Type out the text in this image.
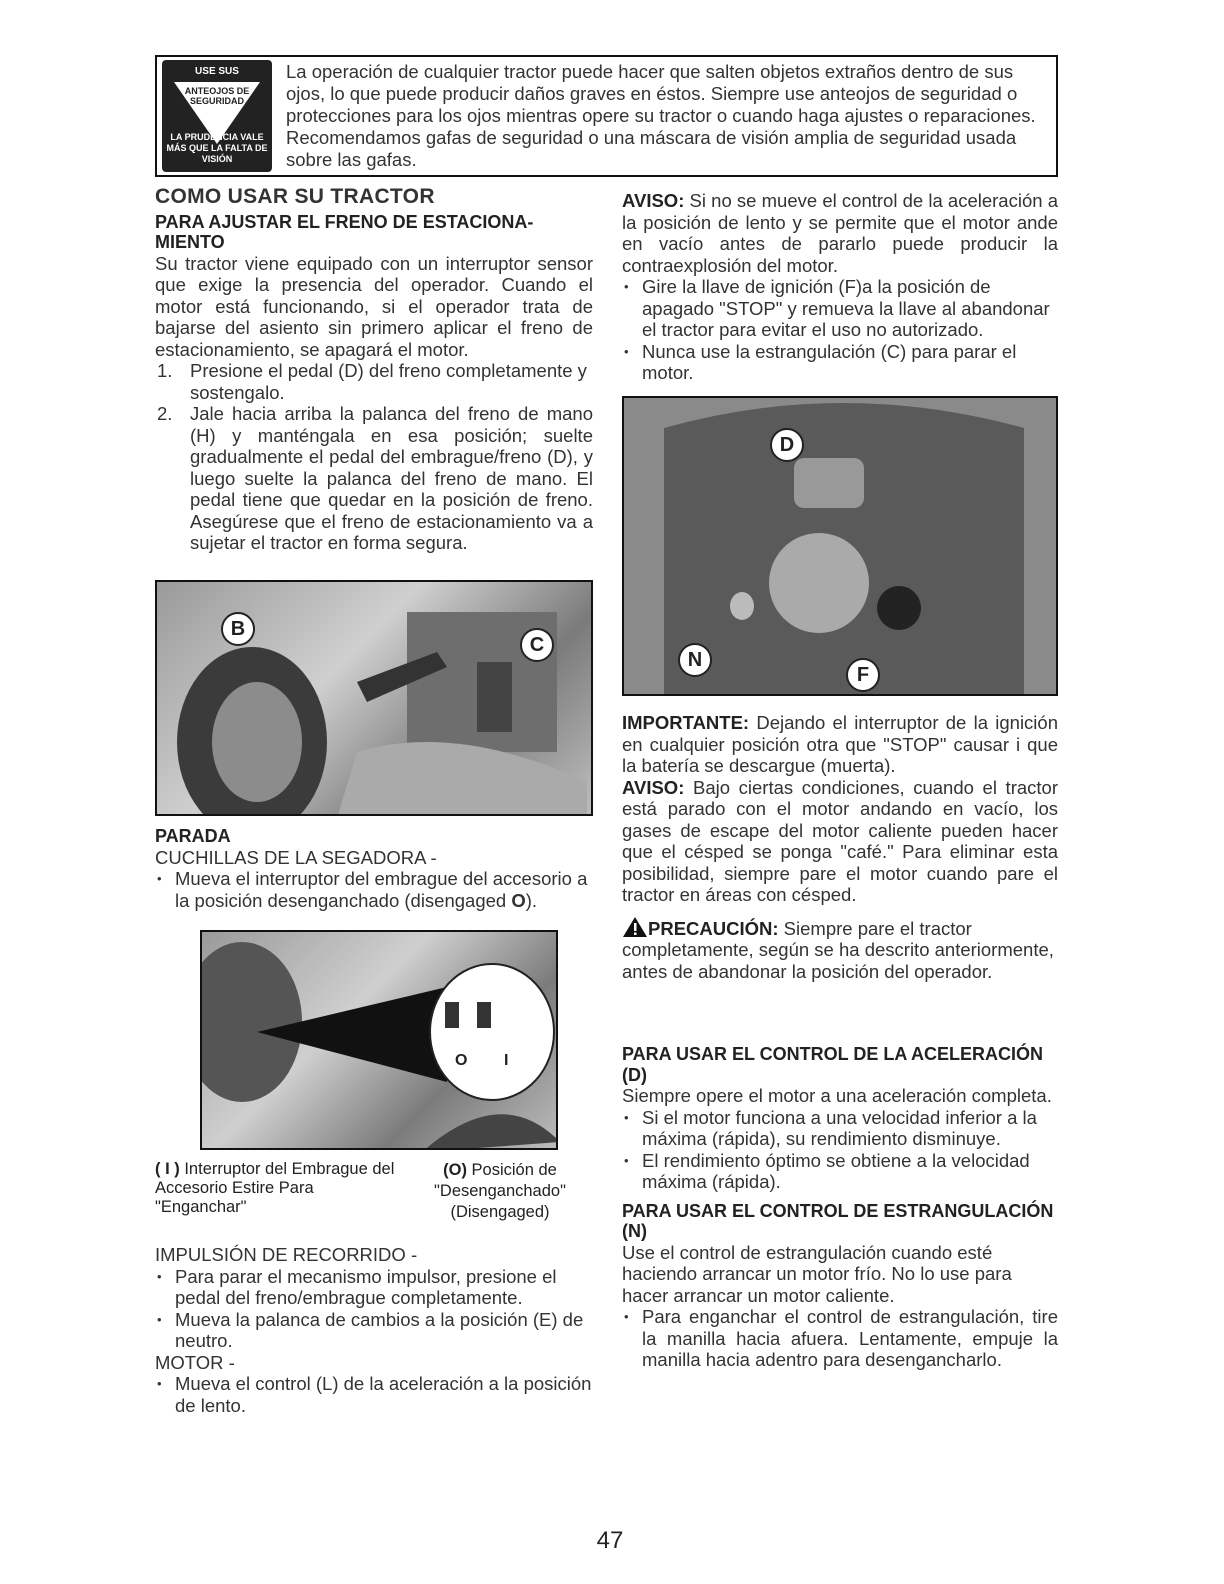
USE SUS
ANTEOJOS DE SEGURIDAD
LA PRUDENCIA VALE MÁS QUE LA FALTA DE VISIÓN
La operación de cualquier tractor puede hacer que salten objetos extraños dentro de sus ojos, lo que puede producir daños graves en éstos. Siempre use anteojos de seguridad o protecciones para los ojos mientras opere su tractor o cuando haga ajustes o reparaciones. Recomendamos gafas de seguridad o una máscara de visión amplia de seguridad usada sobre las gafas.
COMO USAR SU TRACTOR
PARA AJUSTAR EL FRENO DE ESTACIONA-MIENTO
Su tractor viene equipado con un interruptor sensor que exige la presencia del operador. Cuando el motor está funcionando, si el operador trata de bajarse del asiento sin primero aplicar el freno de estacionamiento, se apagará el motor.
1. Presione el pedal (D) del freno completamente y sostengalo.
2. Jale hacia arriba la palanca del freno de mano (H) y manténgala en esa posición; suelte gradualmente el pedal del embrague/freno (D), y luego suelte la palanca del freno de mano. El pedal tiene que quedar en la posición de freno. Asegúrese que el freno de estacionamiento va a sujetar el tractor en forma segura.
B
C
PARADA
CUCHILLAS DE LA SEGADORA -
• Mueva el interruptor del embrague del accesorio a la posición desenganchado (disengaged O).
O I
( I ) Interruptor del Embrague del Accesorio Estire Para "Enganchar"
(O) Posición de "Desenganchado" (Disengaged)
IMPULSIÓN DE RECORRIDO -
• Para parar el mecanismo impulsor, presione el pedal del freno/embrague completamente.
• Mueva la palanca de cambios a la posición (E) de neutro.
MOTOR -
• Mueva el control (L) de la aceleración a la posición de lento.
AVISO: Si no se mueve el control de la aceleración a la posición de lento y se permite que el motor ande en vacío antes de pararlo puede producir la contraexplosión del motor.
• Gire la llave de ignición (F)a la posición de apagado "STOP" y remueva la llave al abandonar el tractor para evitar el uso no autorizado.
• Nunca use la estrangulación (C) para parar el motor.
D
N
F
IMPORTANTE: Dejando el interruptor de la ignición en cualquier posición otra que "STOP" causar i que la batería se descargue (muerta).
AVISO: Bajo ciertas condiciones, cuando el tractor está parado con el motor andando en vacío, los gases de escape del motor caliente pueden hacer que el césped se ponga "café." Para eliminar esta posibilidad, siempre pare el motor cuando pare el tractor en áreas con césped.
PRECAUCIÓN: Siempre pare el tractor completamente, según se ha descrito anteriormente, antes de abandonar la posición del operador.
PARA USAR EL CONTROL DE LA ACELERACIÓN (D)
Siempre opere el motor a una aceleración completa.
• Si el motor funciona a una velocidad inferior a la máxima (rápida), su rendimiento disminuye.
• El rendimiento óptimo se obtiene a la velocidad máxima (rápida).
PARA USAR EL CONTROL DE ESTRANGULACIÓN (N)
Use el control de estrangulación cuando esté haciendo arrancar un motor frío. No lo use para hacer arrancar un motor caliente.
• Para enganchar el control de estrangulación, tire la manilla hacia afuera. Lentamente, empuje la manilla hacia adentro para desengancharlo.
47
